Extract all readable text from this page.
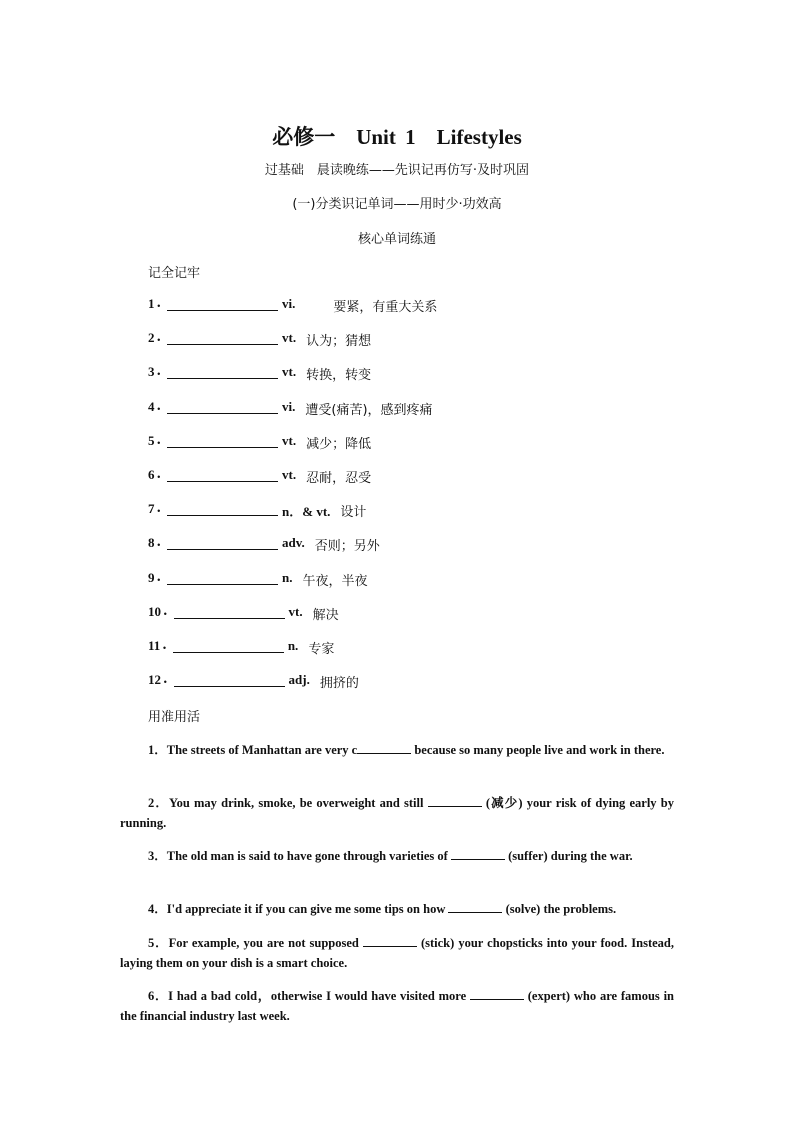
必修一　Unit 1　Lifestyles
过基础　晨读晚练——先识记再仿写·及时巩固
(一)分类识记单词——用时少·功效高
核心单词练通
记全记牢
1 .	vi.	要紧，有重大关系
2 .	vt. 认为；猜想
3 .	vt. 转换，转变
4 .	vi. 遭受(痛苦)，感到疼痛
5 .	vt. 减少；降低
6 .	vt. 忍耐，忍受
7 .	n．& vt. 设计
8 .	adv. 否则；另外
9 .	n. 午夜，半夜
10 .	vt. 解决
11 .	n. 专家
12 .	adj. 拥挤的
用准用活

1．The streets of Manhattan are very c	because so many people live and work in there.

2．You may drink, smoke, be overweight and still	(减少) your risk of dying early by running.

3．The old man is said to have gone through varieties of	(suffer) during the war.

4．I'd appreciate it if you can give me some tips on how	(solve) the problems.

5．For example, you are not supposed	(stick) your chopsticks into your food. Instead, laying them on your dish is a smart choice.

6．I had a bad cold，otherwise I would have visited more	(expert) who are famous in the financial industry last week.
